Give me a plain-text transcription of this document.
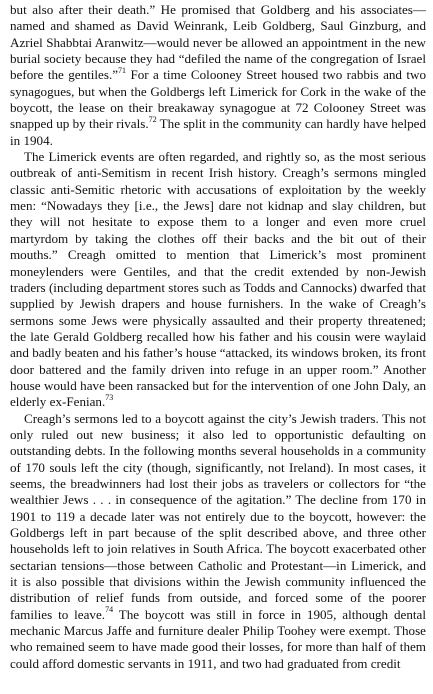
but also after their death.” He promised that Goldberg and his associates—named and shamed as David Weinrank, Leib Goldberg, Saul Ginzburg, and Azriel Shabbtai Aranwitz—would never be allowed an appointment in the new burial society because they had “defiled the name of the congregation of Israel before the gentiles.”$^{71}$ For a time Colooney Street housed two rabbis and two synagogues, but when the Goldbergs left Limerick for Cork in the wake of the boycott, the lease on their breakaway synagogue at 72 Colooney Street was snapped up by their rivals.$^{72}$ The split in the community can hardly have helped in 1904.

The Limerick events are often regarded, and rightly so, as the most serious outbreak of anti-Semitism in recent Irish history. Creagh’s sermons mingled classic anti-Semitic rhetoric with accusations of exploitation by the weekly men: “Nowadays they [i.e., the Jews] dare not kidnap and slay children, but they will not hesitate to expose them to a longer and even more cruel martyrdom by taking the clothes off their backs and the bit out of their mouths.” Creagh omitted to mention that Limerick’s most prominent moneylenders were Gentiles, and that the credit extended by non-Jewish traders (including department stores such as Todds and Cannocks) dwarfed that supplied by Jewish drapers and house furnishers. In the wake of Creagh’s sermons some Jews were physically assaulted and their property threatened; the late Gerald Goldberg recalled how his father and his cousin were waylaid and badly beaten and his father’s house “attacked, its windows broken, its front door battered and the family driven into refuge in an upper room.” Another house would have been ransacked but for the intervention of one John Daly, an elderly ex-Fenian.$^{73}$

Creagh’s sermons led to a boycott against the city’s Jewish traders. This not only ruled out new business; it also led to opportunistic defaulting on outstanding debts. In the following months several households in a community of 170 souls left the city (though, significantly, not Ireland). In most cases, it seems, the breadwinners had lost their jobs as travelers or collectors for “the wealthier Jews . . . in consequence of the agitation.” The decline from 170 in 1901 to 119 a decade later was not entirely due to the boycott, however: the Goldbergs left in part because of the split described above, and three other households left to join relatives in South Africa. The boycott exacerbated other sectarian tensions—those between Catholic and Protestant—in Limerick, and it is also possible that divisions within the Jewish community influenced the distribution of relief funds from outside, and forced some of the poorer families to leave.$^{74}$ The boycott was still in force in 1905, although dental mechanic Marcus Jaffe and furniture dealer Philip Toohey were exempt. Those who remained seem to have made good their losses, for more than half of them could afford domestic servants in 1911, and two had graduated from credit
